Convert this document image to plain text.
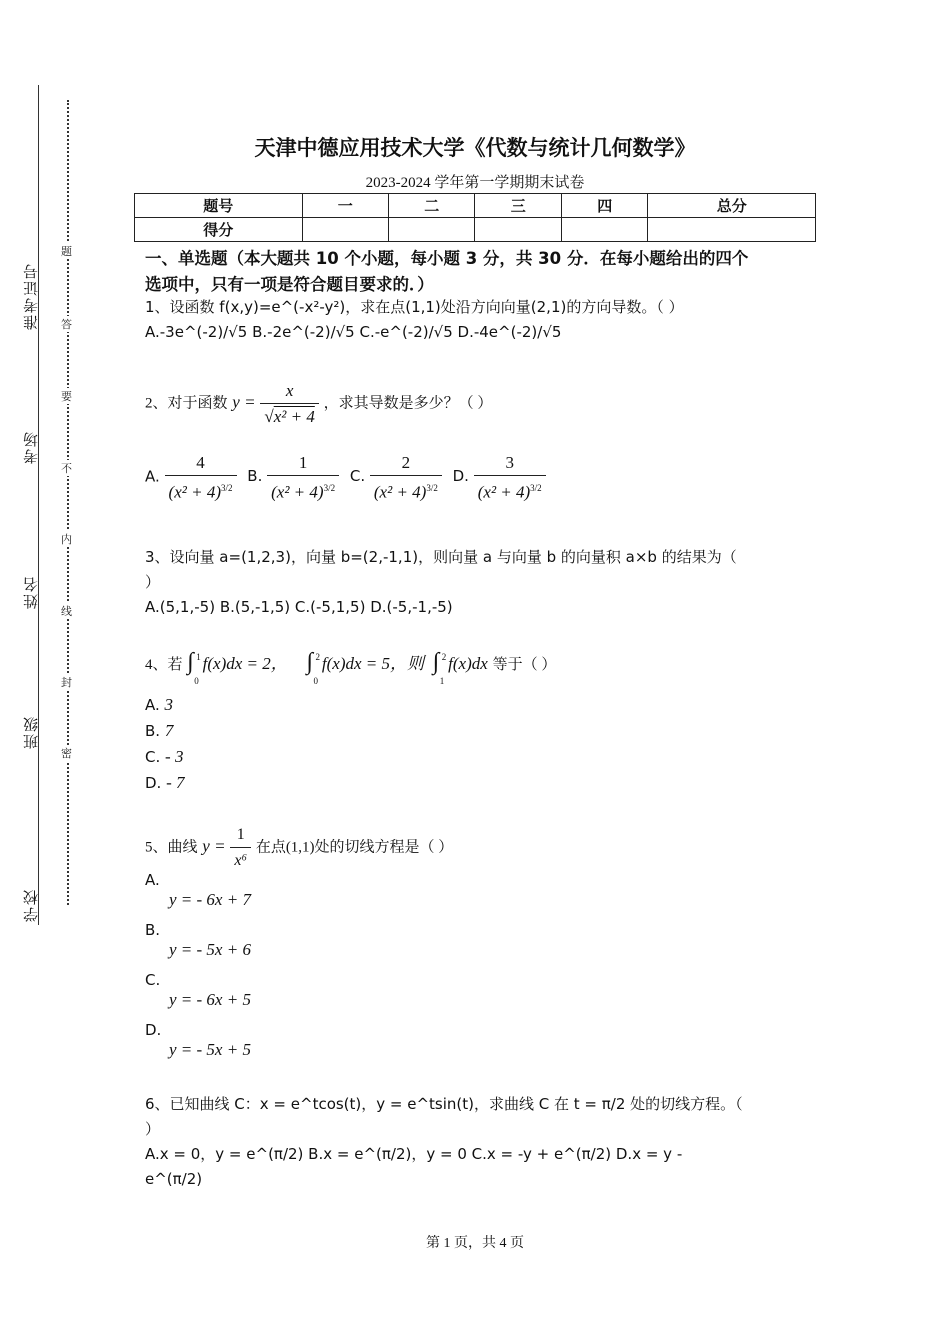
准考证号
考场
姓名
班级
学校
题
答
要
不
内
线
封
密
天津中德应用技术大学《代数与统计几何数学》
2023-2024 学年第一学期期末试卷
题号	一	二	三	四	总分
得分					
一、单选题（本大题共 10 个小题，每小题 3 分，共 30 分．在每小题给出的四个
选项中，只有一项是符合题目要求的．）
1、设函数 f(x,y)=e^(-x²-y²)，求在点(1,1)处沿方向向量(2,1)的方向导数。（ ）
A.-3e^(-2)/√5 B.-2e^(-2)/√5 C.-e^(-2)/√5 D.-4e^(-2)/√5
2、对于函数 $y = \frac{x}{\text{√x² + 4}}$ ，求其导数是多少？（ ）
A. $\frac{4}{(x^2 + 4)^{3/2}} B$. $\frac{1}{(x^2 + 4)^{3/2}} C$. $\frac{2}{(x^2 + 4)^{3/2}} D$. $\frac{3}{(x^2 + 4)^{3/2}}$
3、设向量 a=(1,2,3)，向量 b=(2,-1,1)，则向量 a 与向量 b 的向量积 a×b 的结果为（
）
A.(5,1,-5) B.(5,-1,5) C.(-5,1,5) D.(-5,-1,-5)
4、若 ∫ 1
0
f(x)dx = 2， ∫ 2
0
f(x)dx = 5，则 ∫ 2
1
f(x)dx 等于（ ）
A. 3
B. 7
C. - 3
D. - 7
5、曲线 $y = \frac{1}{\text{x⁶}}$ 在点(1,1)处的切线方程是（ ）
A.
y = - 6x + 7
B.
y = - 5x + 6
C.
y = - 6x + 5
D.
y = - 5x + 5
6、已知曲线 C：x = e^tcos(t)，y = e^tsin(t)，求曲线 C 在 t = π/2 处的切线方程。（
）
A.x = 0，y = e^(π/2) B.x = e^(π/2)，y = 0 C.x = -y + e^(π/2) D.x = y -
e^(π/2)
第 1 页，共 4 页
